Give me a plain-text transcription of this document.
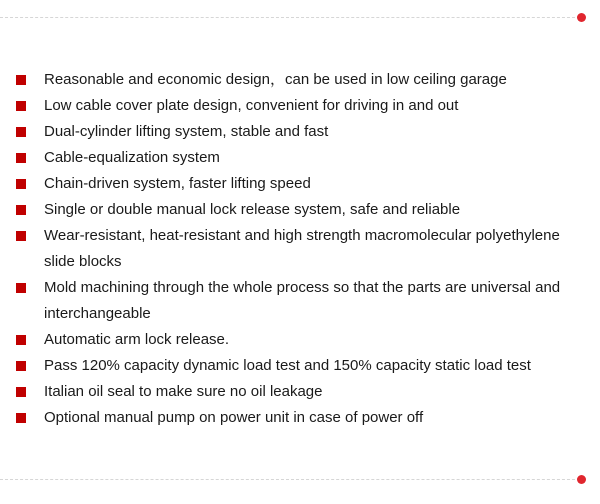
Reasonable and economic design，can be used in low ceiling garage
Low cable cover plate design, convenient for driving in and out
Dual-cylinder lifting system, stable and fast
Cable-equalization system
Chain-driven system, faster lifting speed
Single or double manual lock release system, safe and reliable
Wear-resistant, heat-resistant and high strength macromolecular polyethylene slide blocks
Mold machining through the whole process so that the parts are universal and interchangeable
Automatic arm lock release.
Pass 120% capacity dynamic load test and 150% capacity static load test
Italian oil seal to make sure no oil leakage
Optional manual pump on power unit in case of power off
